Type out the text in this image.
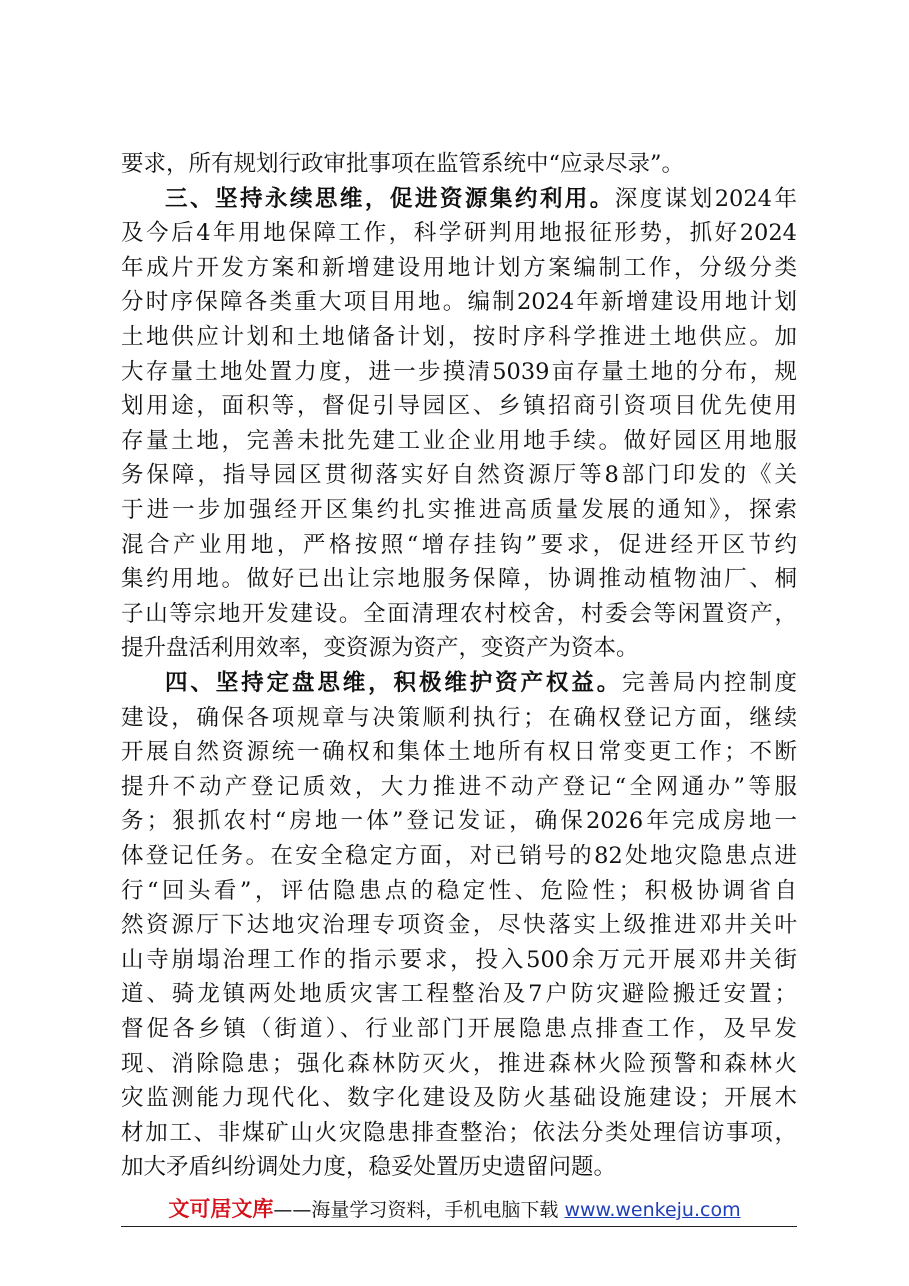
要求，所有规划行政审批事项在监管系统中“应录尽录”。
三、坚持永续思维，促进资源集约利用。深度谋划2024年
及今后4年用地保障工作，科学研判用地报征形势，抓好2024
年成片开发方案和新增建设用地计划方案编制工作，分级分类
分时序保障各类重大项目用地。编制2024年新增建设用地计划
土地供应计划和土地储备计划，按时序科学推进土地供应。加
大存量土地处置力度，进一步摸清5039亩存量土地的分布，规
划用途，面积等，督促引导园区、乡镇招商引资项目优先使用
存量土地，完善未批先建工业企业用地手续。做好园区用地服
务保障，指导园区贯彻落实好自然资源厅等8部门印发的《关
于进一步加强经开区集约扎实推进高质量发展的通知》，探索
混合产业用地，严格按照“增存挂钩”要求，促进经开区节约
集约用地。做好已出让宗地服务保障，协调推动植物油厂、桐
子山等宗地开发建设。全面清理农村校舍，村委会等闲置资产，
提升盘活利用效率，变资源为资产，变资产为资本。
四、坚持定盘思维，积极维护资产权益。完善局内控制度
建设，确保各项规章与决策顺利执行；在确权登记方面，继续
开展自然资源统一确权和集体土地所有权日常变更工作；不断
提升不动产登记质效，大力推进不动产登记“全网通办”等服
务；狠抓农村“房地一体”登记发证，确保2026年完成房地一
体登记任务。在安全稳定方面，对已销号的82处地灾隐患点进
行“回头看”，评估隐患点的稳定性、危险性；积极协调省自
然资源厅下达地灾治理专项资金，尽快落实上级推进邓井关叶
山寺崩塌治理工作的指示要求，投入500余万元开展邓井关街
道、骑龙镇两处地质灾害工程整治及7户防灾避险搬迁安置；
督促各乡镇（街道）、行业部门开展隐患点排查工作，及早发
现、消除隐患；强化森林防灭火，推进森林火险预警和森林火
灾监测能力现代化、数字化建设及防火基础设施建设；开展木
材加工、非煤矿山火灾隐患排查整治；依法分类处理信访事项，
加大矛盾纠纷调处力度，稳妥处置历史遗留问题。
文可居文库——海量学习资料，手机电脑下载 www.wenkeju.com
